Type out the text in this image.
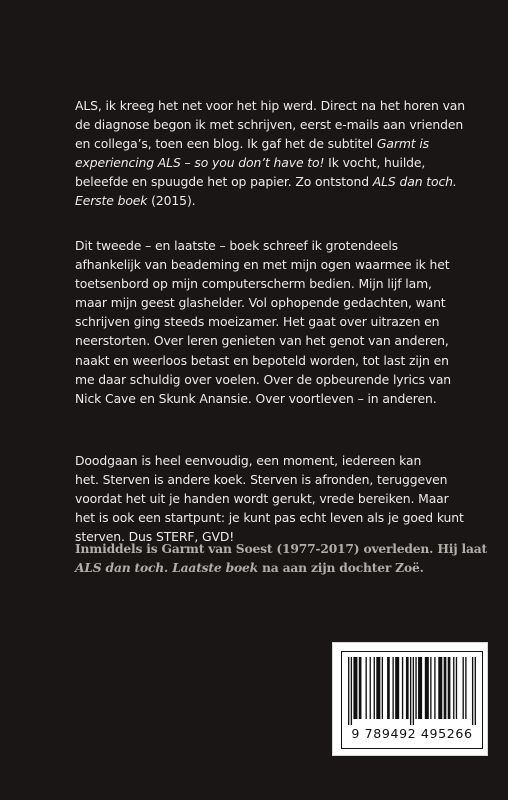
ALS, ik kreeg het net voor het hip werd. Direct na het horen van
de diagnose begon ik met schrijven, eerst e-mails aan vrienden
en collega’s, toen een blog. Ik gaf het de subtitel Garmt is
experiencing ALS – so you don’t have to! Ik vocht, huilde,
beleefde en spuugde het op papier. Zo ontstond ALS dan toch.
Eerste boek (2015).

Dit tweede – en laatste – boek schreef ik grotendeels
afhankelijk van beademing en met mijn ogen waarmee ik het
toetsenbord op mijn computerscherm bedien. Mijn lijf lam,
maar mijn geest glashelder. Vol ophopende gedachten, want
schrijven ging steeds moeizamer. Het gaat over uitrazen en
neerstorten. Over leren genieten van het genot van anderen,
naakt en weerloos betast en bepoteld worden, tot last zijn en
me daar schuldig over voelen. Over de opbeurende lyrics van
Nick Cave en Skunk Anansie. Over voortleven – in anderen.

Doodgaan is heel eenvoudig, een moment, iedereen kan
het. Sterven is andere koek. Sterven is afronden, teruggeven
voordat het uit je handen wordt gerukt, vrede bereiken. Maar
het is ook een startpunt: je kunt pas echt leven als je goed kunt
sterven. Dus STERF, GVD!

Inmiddels is Garmt van Soest (1977-2017) overleden. Hij laat
ALS dan toch. Laatste boek na aan zijn dochter Zoë.

9 789492 495266
